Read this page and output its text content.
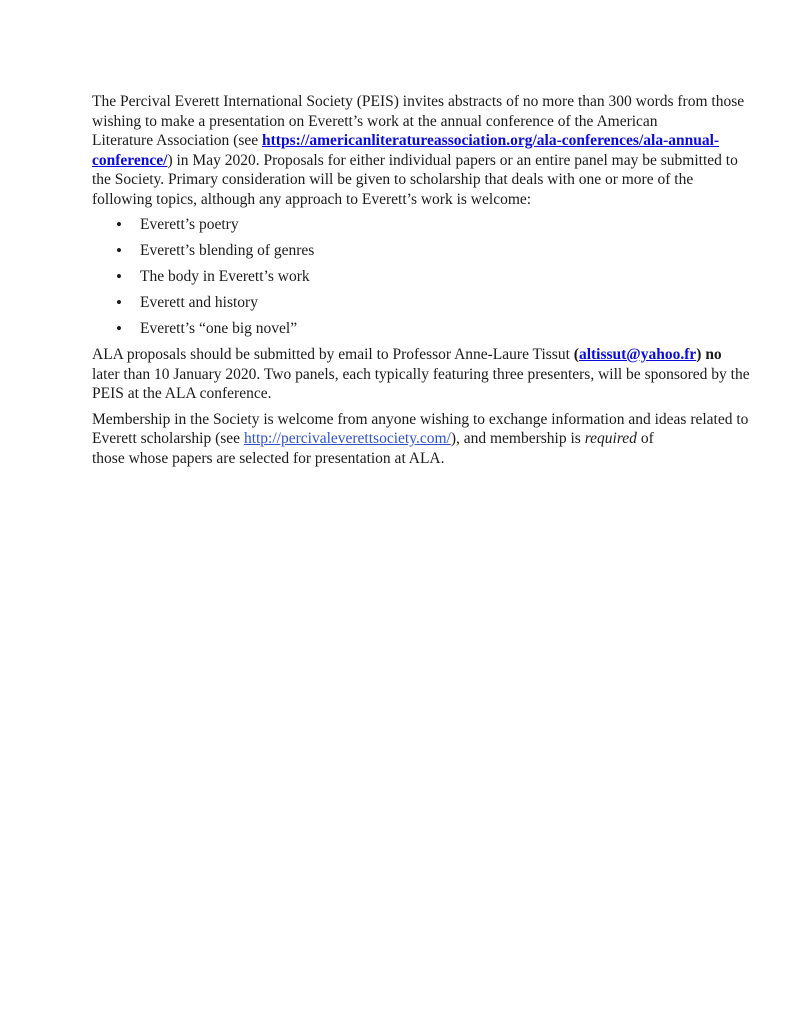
The Percival Everett International Society (PEIS) invites abstracts of no more than 300 words from those
wishing to make a presentation on Everett’s work at the annual conference of the American
Literature Association (see https://americanliteratureassociation.org/ala-conferences/ala-annual-
conference/) in May 2020. Proposals for either individual papers or an entire panel may be submitted to
the Society. Primary consideration will be given to scholarship that deals with one or more of the
following topics, although any approach to Everett’s work is welcome:

• Everett’s poetry
• Everett’s blending of genres
• The body in Everett’s work
• Everett and history
• Everett’s “one big novel”

ALA proposals should be submitted by email to Professor Anne-Laure Tissut (altissut@yahoo.fr) no
later than 10 January 2020. Two panels, each typically featuring three presenters, will be sponsored by the
PEIS at the ALA conference.

Membership in the Society is welcome from anyone wishing to exchange information and ideas related to
Everett scholarship (see http://percivaleverettsociety.com/), and membership is required of
those whose papers are selected for presentation at ALA.
